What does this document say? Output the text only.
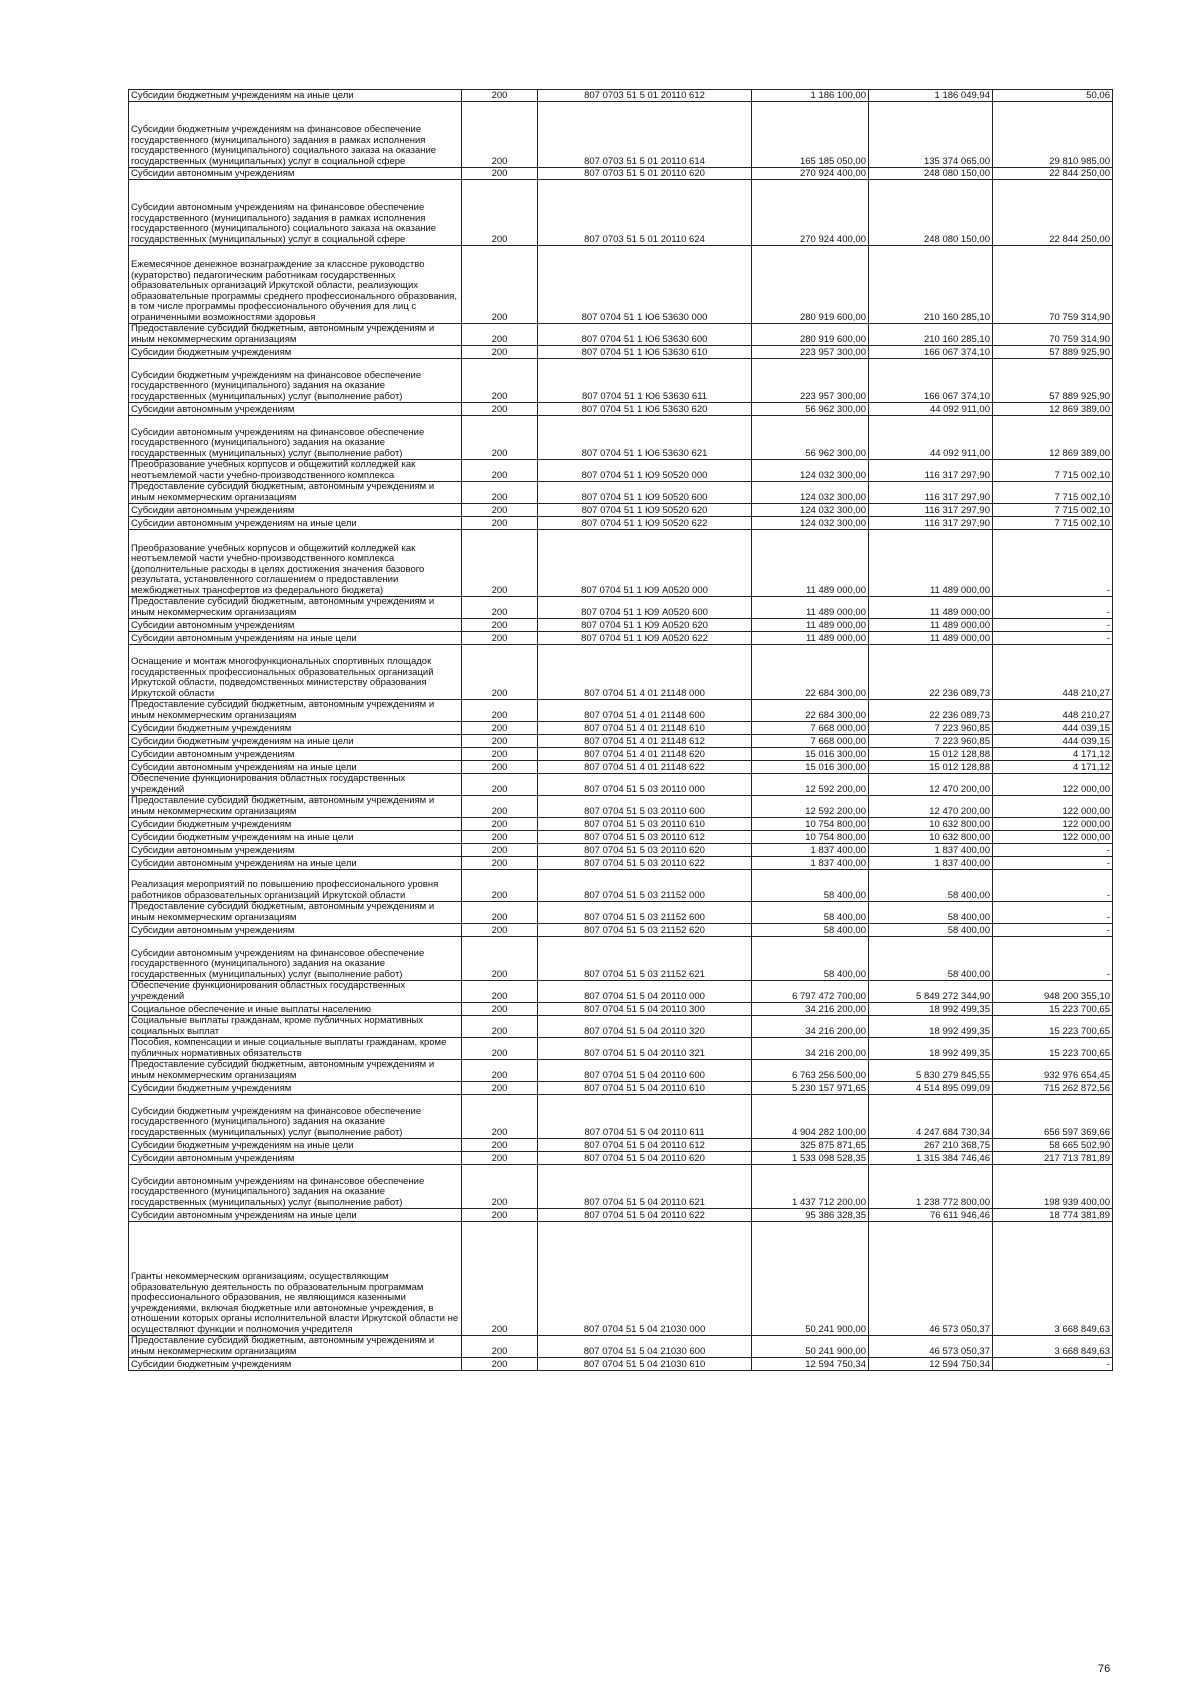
Субсидии бюджетным учреждениям на иные цели	200	807 0703 51 5 01 20110 612	1 186 100,00	1 186 049,94	50,06
Субсидии бюджетным учреждениям на финансовое обеспечение государственного (муниципального) задания в рамках исполнения государственного (муниципального) социального заказа на оказание государственных (муниципальных) услуг в социальной сфере	200	807 0703 51 5 01 20110 614	165 185 050,00	135 374 065,00	29 810 985,00
Субсидии автономным учреждениям	200	807 0703 51 5 01 20110 620	270 924 400,00	248 080 150,00	22 844 250,00
Субсидии автономным учреждениям на финансовое обеспечение государственного (муниципального) задания в рамках исполнения государственного (муниципального) социального заказа на оказание государственных (муниципальных) услуг в социальной сфере	200	807 0703 51 5 01 20110 624	270 924 400,00	248 080 150,00	22 844 250,00
Ежемесячное денежное вознаграждение за классное руководство (кураторство) педагогическим работникам государственных образовательных организаций Иркутской области, реализующих образовательные программы среднего профессионального образования, в том числе программы профессионального обучения для лиц с ограниченными возможностями здоровья	200	807 0704 51 1 Ю6 53630 000	280 919 600,00	210 160 285,10	70 759 314,90
Предоставление субсидий бюджетным, автономным учреждениям и иным некоммерческим организациям	200	807 0704 51 1 Ю6 53630 600	280 919 600,00	210 160 285,10	70 759 314,90
Субсидии бюджетным учреждениям	200	807 0704 51 1 Ю6 53630 610	223 957 300,00	166 067 374,10	57 889 925,90
Субсидии бюджетным учреждениям на финансовое обеспечение государственного (муниципального) задания на оказание государственных (муниципальных) услуг (выполнение работ)	200	807 0704 51 1 Ю6 53630 611	223 957 300,00	166 067 374,10	57 889 925,90
Субсидии автономным учреждениям	200	807 0704 51 1 Ю6 53630 620	56 962 300,00	44 092 911,00	12 869 389,00
Субсидии автономным учреждениям на финансовое обеспечение государственного (муниципального) задания на оказание государственных (муниципальных) услуг (выполнение работ)	200	807 0704 51 1 Ю6 53630 621	56 962 300,00	44 092 911,00	12 869 389,00
Преобразование учебных корпусов и общежитий колледжей как неотъемлемой части учебно-производственного комплекса	200	807 0704 51 1 Ю9 50520 000	124 032 300,00	116 317 297,90	7 715 002,10
Предоставление субсидий бюджетным, автономным учреждениям и иным некоммерческим организациям	200	807 0704 51 1 Ю9 50520 600	124 032 300,00	116 317 297,90	7 715 002,10
Субсидии автономным учреждениям	200	807 0704 51 1 Ю9 50520 620	124 032 300,00	116 317 297,90	7 715 002,10
Субсидии автономным учреждениям на иные цели	200	807 0704 51 1 Ю9 50520 622	124 032 300,00	116 317 297,90	7 715 002,10
Преобразование учебных корпусов и общежитий колледжей как неотъемлемой части учебно-производственного комплекса (дополнительные расходы в целях достижения значения базового результата, установленного соглашением о предоставлении межбюджетных трансфертов из федерального бюджета)	200	807 0704 51 1 Ю9 А0520 000	11 489 000,00	11 489 000,00	-
Предоставление субсидий бюджетным, автономным учреждениям и иным некоммерческим организациям	200	807 0704 51 1 Ю9 А0520 600	11 489 000,00	11 489 000,00	-
Субсидии автономным учреждениям	200	807 0704 51 1 Ю9 А0520 620	11 489 000,00	11 489 000,00	-
Субсидии автономным учреждениям на иные цели	200	807 0704 51 1 Ю9 А0520 622	11 489 000,00	11 489 000,00	-
Оснащение и монтаж многофункциональных спортивных площадок государственных профессиональных образовательных организаций Иркутской области, подведомственных министерству образования Иркутской области	200	807 0704 51 4 01 21148 000	22 684 300,00	22 236 089,73	448 210,27
Предоставление субсидий бюджетным, автономным учреждениям и иным некоммерческим организациям	200	807 0704 51 4 01 21148 600	22 684 300,00	22 236 089,73	448 210,27
Субсидии бюджетным учреждениям	200	807 0704 51 4 01 21148 610	7 668 000,00	7 223 960,85	444 039,15
Субсидии бюджетным учреждениям на иные цели	200	807 0704 51 4 01 21148 612	7 668 000,00	7 223 960,85	444 039,15
Субсидии автономным учреждениям	200	807 0704 51 4 01 21148 620	15 016 300,00	15 012 128,88	4 171,12
Субсидии автономным учреждениям на иные цели	200	807 0704 51 4 01 21148 622	15 016 300,00	15 012 128,88	4 171,12
Обеспечение функционирования областных государственных учреждений	200	807 0704 51 5 03 20110 000	12 592 200,00	12 470 200,00	122 000,00
Предоставление субсидий бюджетным, автономным учреждениям и иным некоммерческим организациям	200	807 0704 51 5 03 20110 600	12 592 200,00	12 470 200,00	122 000,00
Субсидии бюджетным учреждениям	200	807 0704 51 5 03 20110 610	10 754 800,00	10 632 800,00	122 000,00
Субсидии бюджетным учреждениям на иные цели	200	807 0704 51 5 03 20110 612	10 754 800,00	10 632 800,00	122 000,00
Субсидии автономным учреждениям	200	807 0704 51 5 03 20110 620	1 837 400,00	1 837 400,00	-
Субсидии автономным учреждениям на иные цели	200	807 0704 51 5 03 20110 622	1 837 400,00	1 837 400,00	-
Реализация мероприятий по повышению профессионального уровня работников образовательных организаций Иркутской области	200	807 0704 51 5 03 21152 000	58 400,00	58 400,00	-
Предоставление субсидий бюджетным, автономным учреждениям и иным некоммерческим организациям	200	807 0704 51 5 03 21152 600	58 400,00	58 400,00	-
Субсидии автономным учреждениям	200	807 0704 51 5 03 21152 620	58 400,00	58 400,00	-
Субсидии автономным учреждениям на финансовое обеспечение государственного (муниципального) задания на оказание государственных (муниципальных) услуг (выполнение работ)	200	807 0704 51 5 03 21152 621	58 400,00	58 400,00	-
Обеспечение функционирования областных государственных учреждений	200	807 0704 51 5 04 20110 000	6 797 472 700,00	5 849 272 344,90	948 200 355,10
Социальное обеспечение и иные выплаты населению	200	807 0704 51 5 04 20110 300	34 216 200,00	18 992 499,35	15 223 700,65
Социальные выплаты гражданам, кроме публичных нормативных социальных выплат	200	807 0704 51 5 04 20110 320	34 216 200,00	18 992 499,35	15 223 700,65
Пособия, компенсации и иные социальные выплаты гражданам, кроме публичных нормативных обязательств	200	807 0704 51 5 04 20110 321	34 216 200,00	18 992 499,35	15 223 700,65
Предоставление субсидий бюджетным, автономным учреждениям и иным некоммерческим организациям	200	807 0704 51 5 04 20110 600	6 763 256 500,00	5 830 279 845,55	932 976 654,45
Субсидии бюджетным учреждениям	200	807 0704 51 5 04 20110 610	5 230 157 971,65	4 514 895 099,09	715 262 872,56
Субсидии бюджетным учреждениям на финансовое обеспечение государственного (муниципального) задания на оказание государственных (муниципальных) услуг (выполнение работ)	200	807 0704 51 5 04 20110 611	4 904 282 100,00	4 247 684 730,34	656 597 369,66
Субсидии бюджетным учреждениям на иные цели	200	807 0704 51 5 04 20110 612	325 875 871,65	267 210 368,75	58 665 502,90
Субсидии автономным учреждениям	200	807 0704 51 5 04 20110 620	1 533 098 528,35	1 315 384 746,46	217 713 781,89
Субсидии автономным учреждениям на финансовое обеспечение государственного (муниципального) задания на оказание государственных (муниципальных) услуг (выполнение работ)	200	807 0704 51 5 04 20110 621	1 437 712 200,00	1 238 772 800,00	198 939 400,00
Субсидии автономным учреждениям на иные цели	200	807 0704 51 5 04 20110 622	95 386 328,35	76 611 946,46	18 774 381,89
Гранты некоммерческим организациям, осуществляющим образовательную деятельность по образовательным программам профессионального образования, не являющимся казенными учреждениями, включая бюджетные или автономные учреждения, в отношении которых органы исполнительной власти Иркутской области не осуществляют функции и полномочия учредителя	200	807 0704 51 5 04 21030 000	50 241 900,00	46 573 050,37	3 668 849,63
Предоставление субсидий бюджетным, автономным учреждениям и иным некоммерческим организациям	200	807 0704 51 5 04 21030 600	50 241 900,00	46 573 050,37	3 668 849,63
Субсидии бюджетным учреждениям	200	807 0704 51 5 04 21030 610	12 594 750,34	12 594 750,34	-
76
